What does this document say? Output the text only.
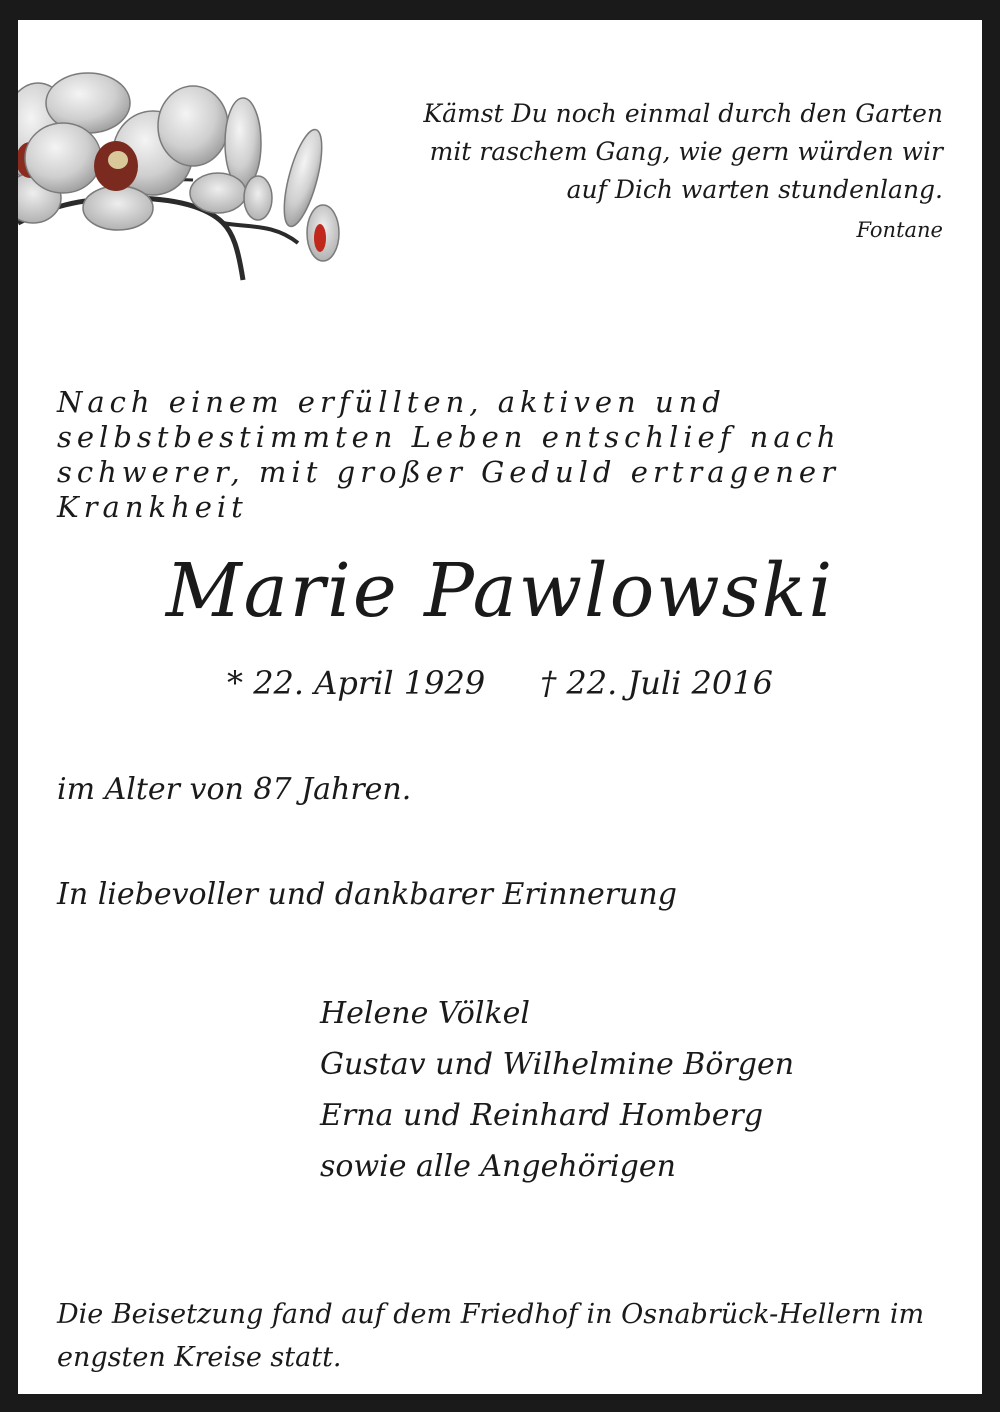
Kämst Du noch einmal durch den Garten
mit raschem Gang, wie gern würden wir
auf Dich warten stundenlang.
Fontane
Nach einem erfüllten, aktiven und
selbstbestimmten Leben entschlief nach
schwerer, mit großer Geduld ertragener
Krankheit
Marie Pawlowski
* 22. April 1929 † 22. Juli 2016
im Alter von 87 Jahren.
In liebevoller und dankbarer Erinnerung
Helene Völkel
Gustav und Wilhelmine Börgen
Erna und Reinhard Homberg
sowie alle Angehörigen
Die Beisetzung fand auf dem Friedhof in Osnabrück-Hellern im
engsten Kreise statt.
